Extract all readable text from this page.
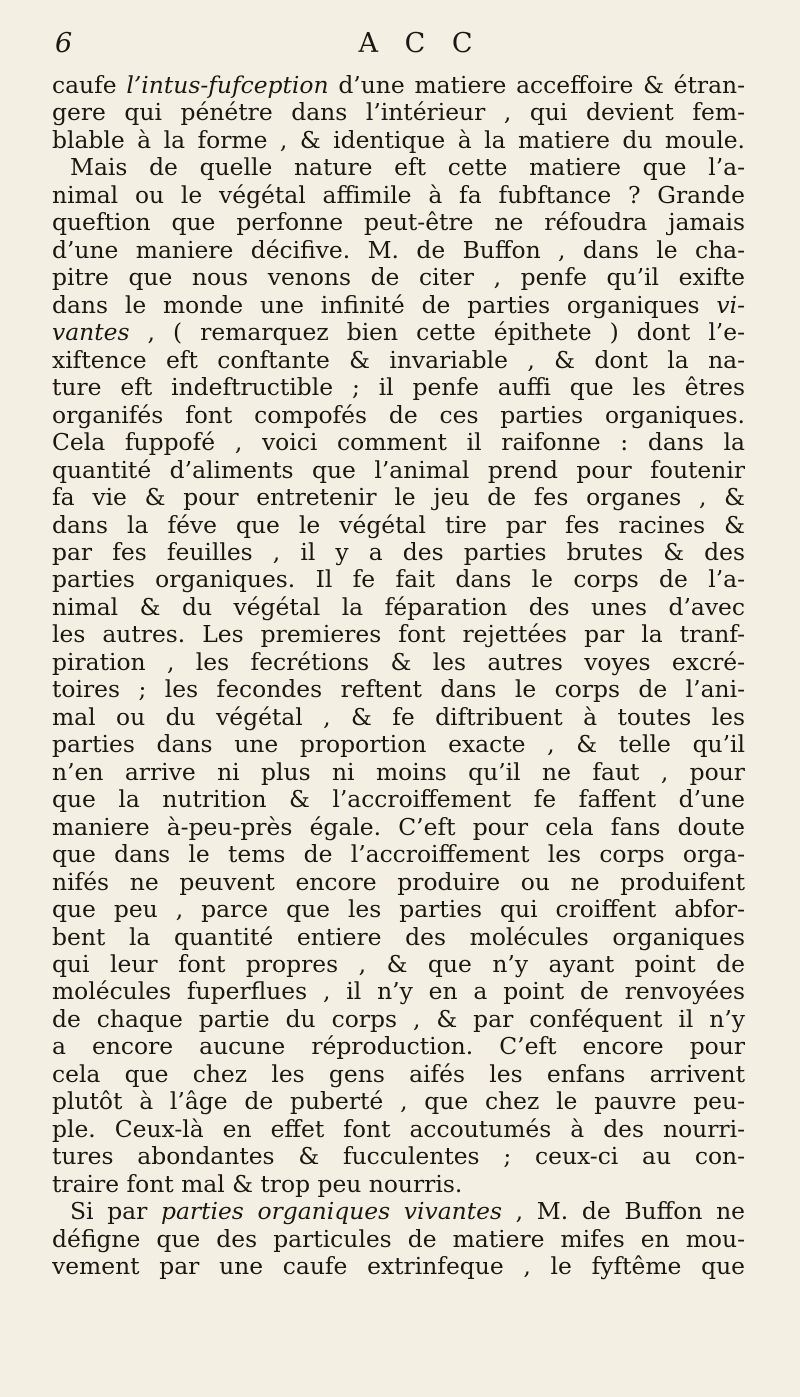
6	A C C
caufe l’intus-fufception d’une matiere acceffoire & étran-
gere qui pénétre dans l’intérieur , qui devient fem-
blable à la forme , & identique à la matiere du moule.
Mais de quelle nature eft cette matiere que l’a-
nimal ou le végétal affimile à fa fubftance ? Grande
queftion que perfonne peut-être ne réfoudra jamais
d’une maniere décifive. M. de Buffon , dans le cha-
pitre que nous venons de citer , penfe qu’il exifte
dans le monde une infinité de parties organiques vi-
vantes , ( remarquez bien cette épithete ) dont l’e-
xiftence eft conftante & invariable , & dont la na-
ture eft indeftructible ; il penfe auffi que les êtres
organifés font compofés de ces parties organiques.
Cela fuppofé , voici comment il raifonne : dans la
quantité d’aliments que l’animal prend pour foutenir
fa vie & pour entretenir le jeu de fes organes , &
dans la féve que le végétal tire par fes racines &
par fes feuilles , il y a des parties brutes & des
parties organiques. Il fe fait dans le corps de l’a-
nimal & du végétal la féparation des unes d’avec
les autres. Les premieres font rejettées par la tranf-
piration , les fecrétions & les autres voyes excré-
toires ; les fecondes reftent dans le corps de l’ani-
mal ou du végétal , & fe diftribuent à toutes les
parties dans une proportion exacte , & telle qu’il
n’en arrive ni plus ni moins qu’il ne faut , pour
que la nutrition & l’accroiffement fe faffent d’une
maniere à-peu-près égale. C’eft pour cela fans doute
que dans le tems de l’accroiffement les corps orga-
nifés ne peuvent encore produire ou ne produifent
que peu , parce que les parties qui croiffent abfor-
bent la quantité entiere des molécules organiques
qui leur font propres , & que n’y ayant point de
molécules fuperflues , il n’y en a point de renvoyées
de chaque partie du corps , & par conféquent il n’y
a encore aucune réproduction. C’eft encore pour
cela que chez les gens aifés les enfans arrivent
plutôt à l’âge de puberté , que chez le pauvre peu-
ple. Ceux-là en effet font accoutumés à des nourri-
tures abondantes & fucculentes ; ceux-ci au con-
traire font mal & trop peu nourris.
Si par parties organiques vivantes , M. de Buffon ne
défigne que des particules de matiere mifes en mou-
vement par une caufe extrinfeque , le fyftême que
